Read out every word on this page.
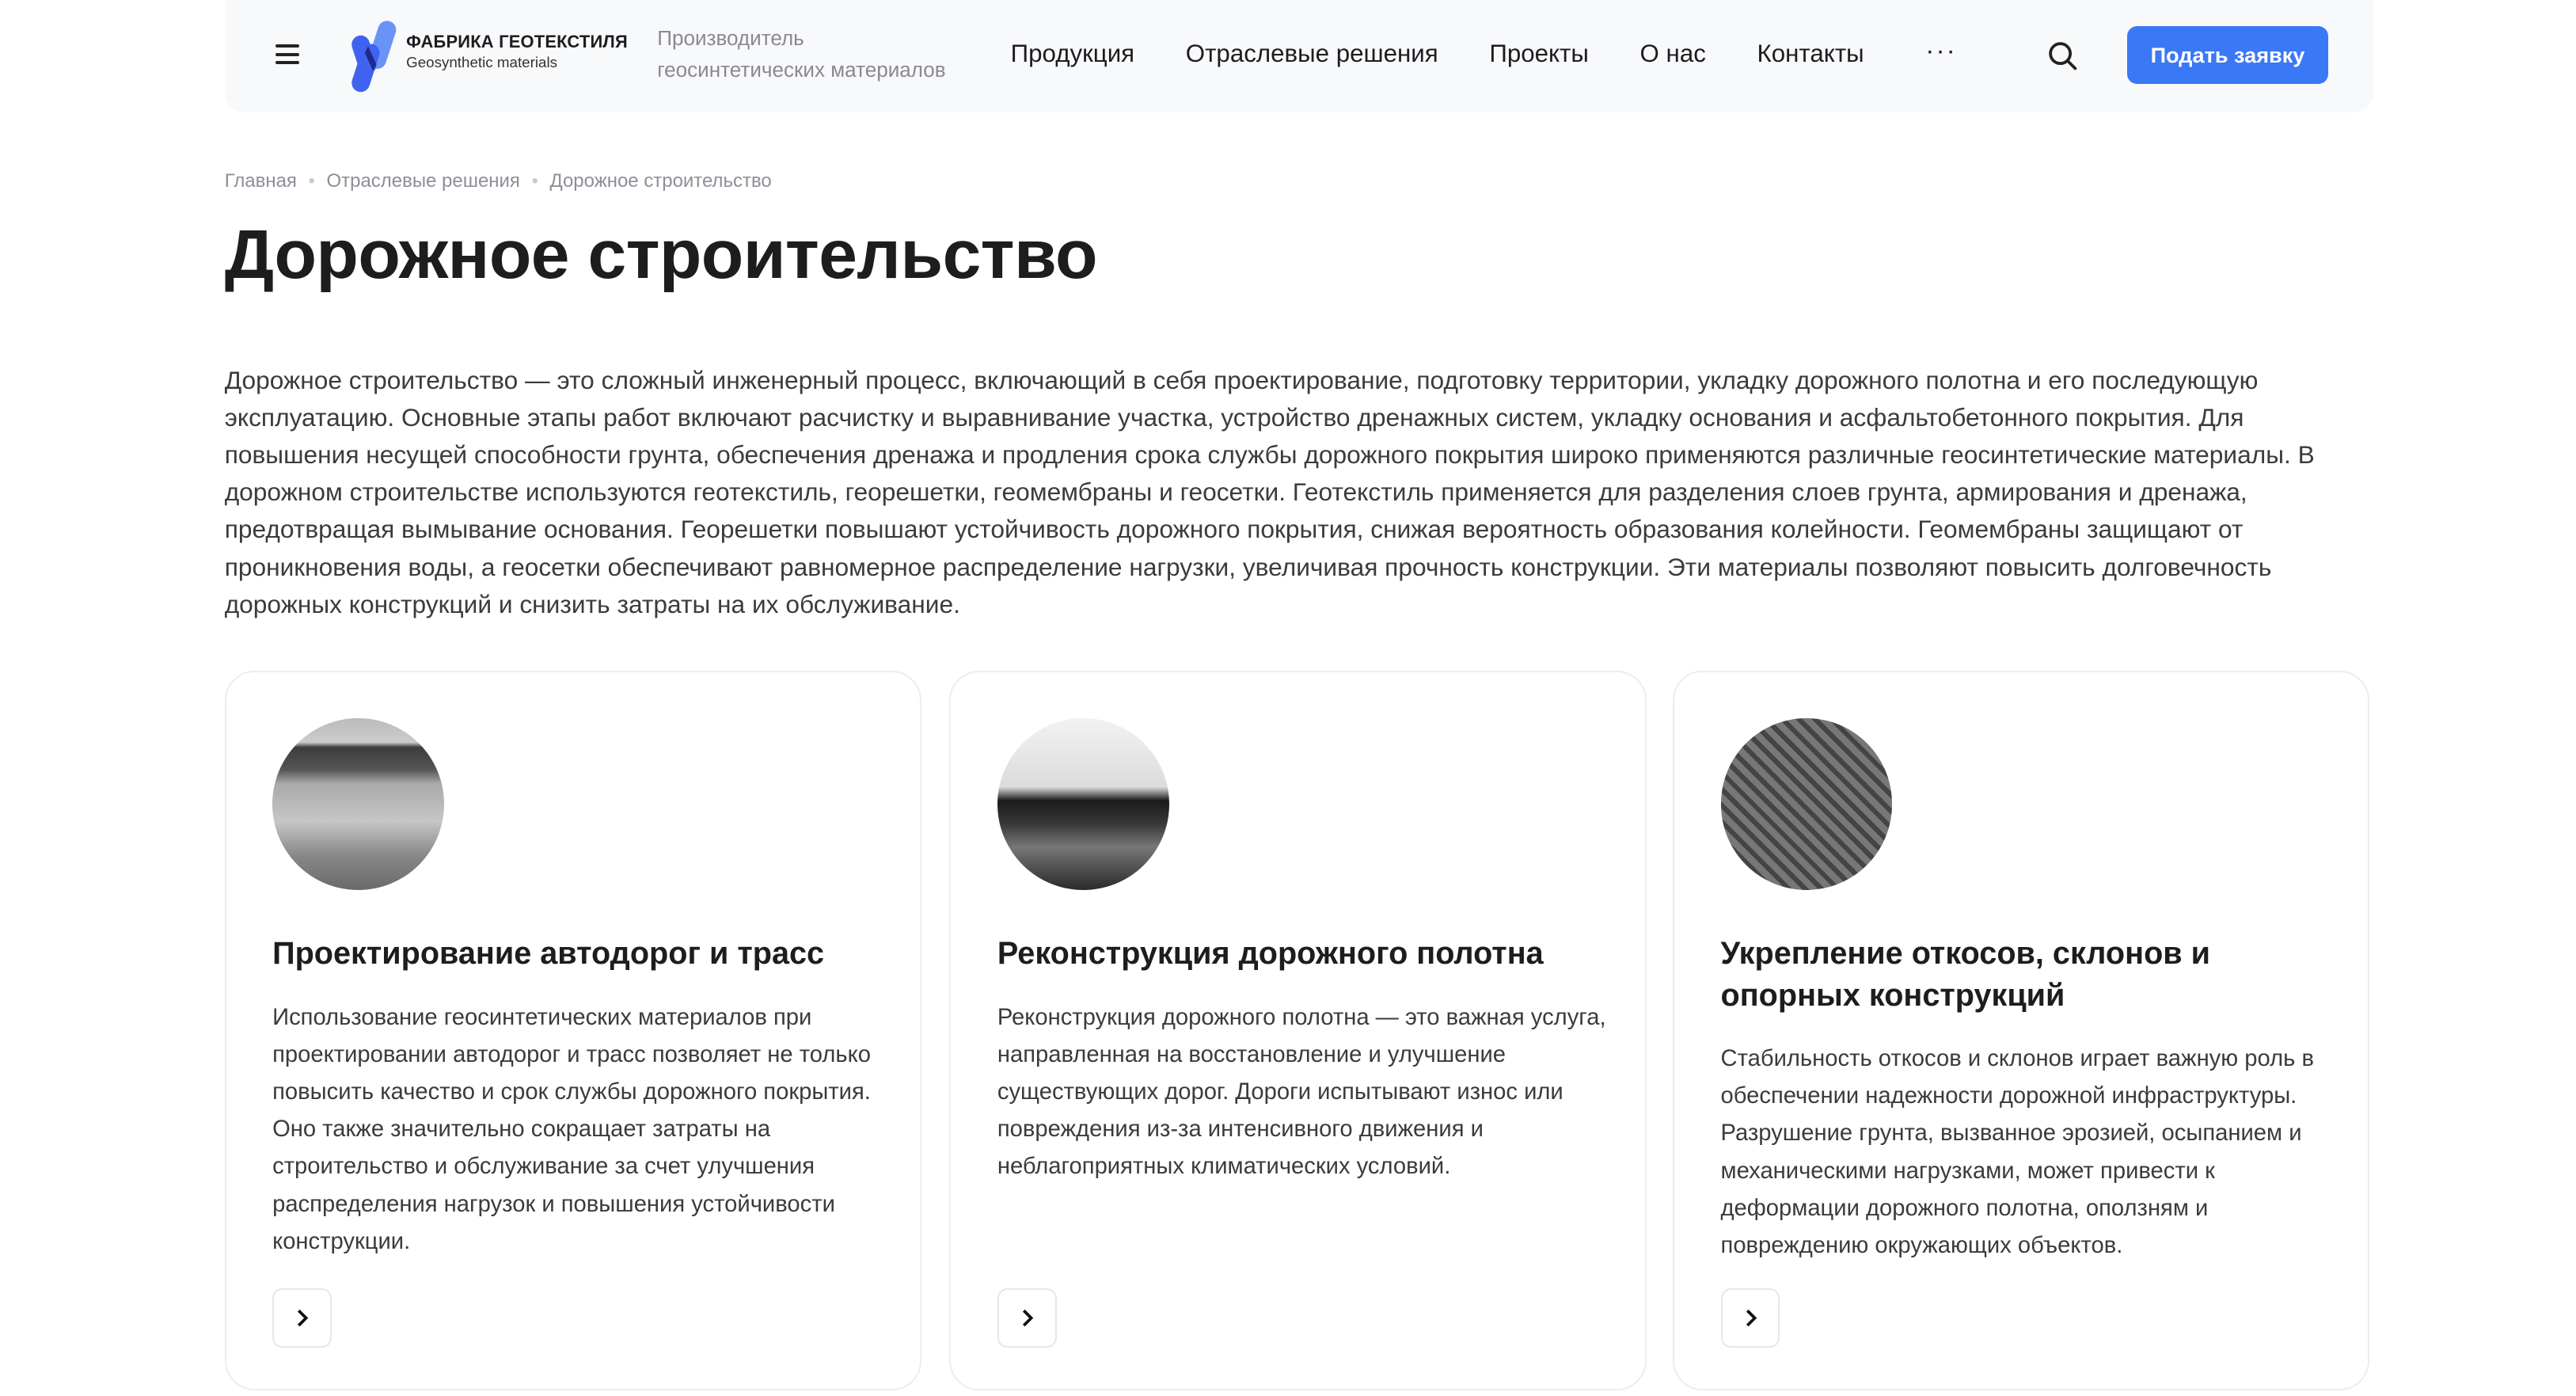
ФАБРИКА ГЕОТЕКСТИЛЯ
Geosynthetic materials
Производитель
геосинтетических материалов
Продукция	Отраслевые решения	Проекты	О нас	Контакты	···	Подать заявку
Главная • Отраслевые решения • Дорожное строительство
Дорожное строительство

Дорожное строительство — это сложный инженерный процесс, включающий в себя проектирование, подготовку территории, укладку дорожного полотна и его последующую эксплуатацию. Основные этапы работ включают расчистку и выравнивание участка, устройство дренажных систем, укладку основания и асфальтобетонного покрытия. Для повышения несущей способности грунта, обеспечения дренажа и продления срока службы дорожного покрытия широко применяются различные геосинтетические материалы. В дорожном строительстве используются геотекстиль, георешетки, геомембраны и геосетки. Геотекстиль применяется для разделения слоев грунта, армирования и дренажа, предотвращая вымывание основания. Георешетки повышают устойчивость дорожного покрытия, снижая вероятность образования колейности. Геомембраны защищают от проникновения воды, а геосетки обеспечивают равномерное распределение нагрузки, увеличивая прочность конструкции. Эти материалы позволяют повысить долговечность дорожных конструкций и снизить затраты на их обслуживание.

Проектирование автодорог и трасс

Использование геосинтетических материалов при проектировании автодорог и трасс позволяет не только повысить качество и срок службы дорожного покрытия. Оно также значительно сокращает затраты на строительство и обслуживание за счет улучшения распределения нагрузок и повышения устойчивости конструкции.

Реконструкция дорожного полотна

Реконструкция дорожного полотна — это важная услуга, направленная на восстановление и улучшение существующих дорог. Дороги испытывают износ или повреждения из-за интенсивного движения и неблагоприятных климатических условий.

Укрепление откосов, склонов и опорных конструкций

Стабильность откосов и склонов играет важную роль в обеспечении надежности дорожной инфраструктуры. Разрушение грунта, вызванное эрозией, осыпанием и механическими нагрузками, может привести к деформации дорожного полотна, оползням и повреждению окружающих объектов.
